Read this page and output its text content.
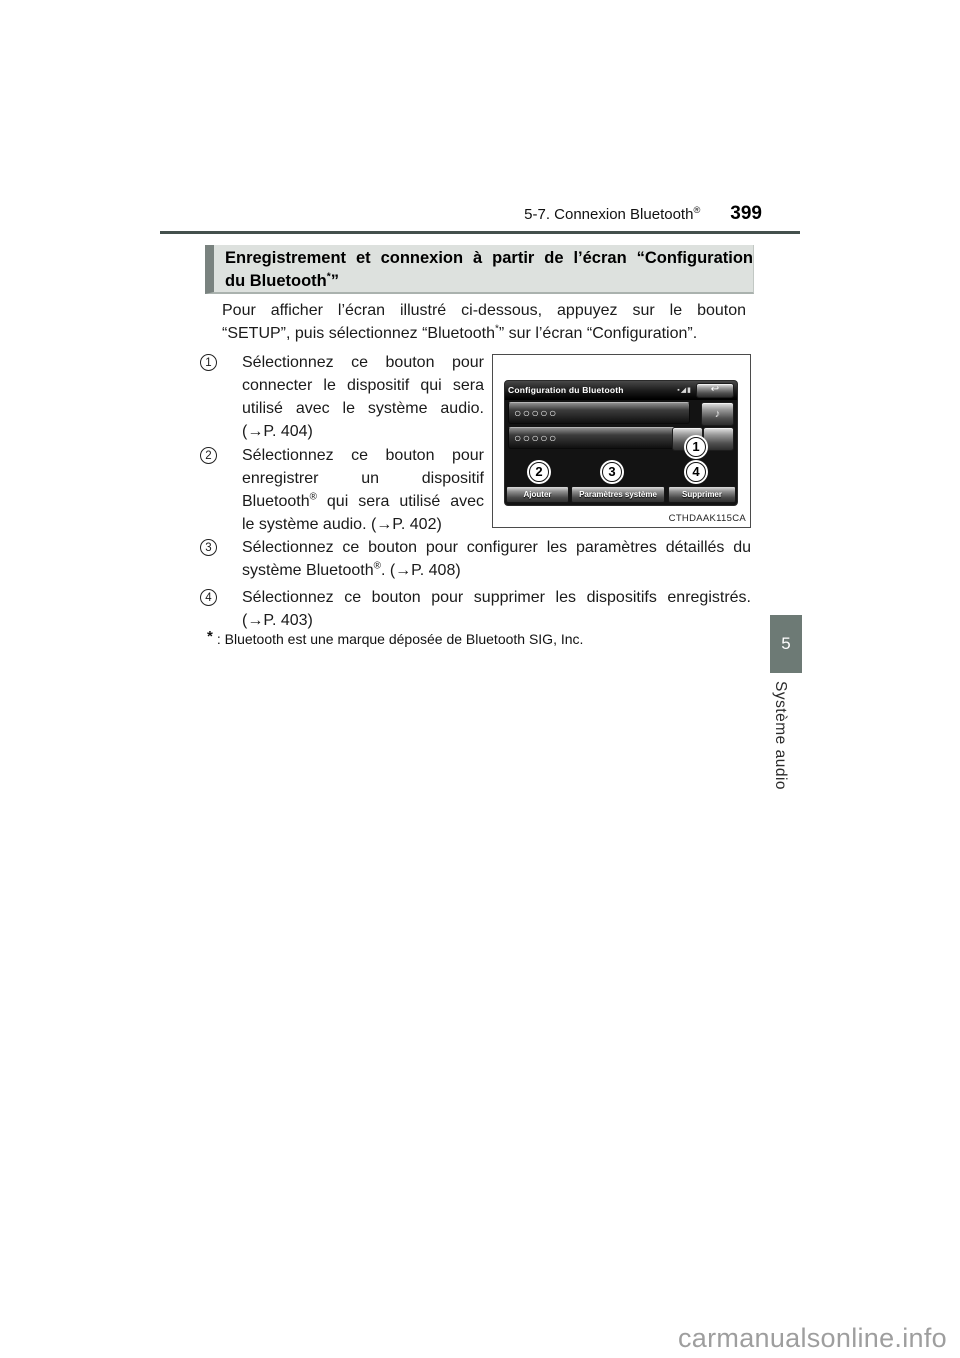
5-7. Connexion Bluetooth® 399
Enregistrement et connexion à partir de l’écran “Configuration
du Bluetooth*”
Pour afficher l’écran illustré ci-dessous, appuyez sur le bouton
“SETUP”, puis sélectionnez “Bluetooth*” sur l’écran “Configuration”.
1	Sélectionnez ce bouton pour
connecter le dispositif qui sera
utilisé avec le système audio.
(→P. 404)
2	Sélectionnez ce bouton pour
enregistrer un dispositif
Bluetooth® qui sera utilisé avec
le système audio. (→P. 402)
3	Sélectionnez ce bouton pour configurer les paramètres détaillés du
système Bluetooth®. (→P. 408)
4	Sélectionnez ce bouton pour supprimer les dispositifs enregistrés.
(→P. 403)
* : Bluetooth est une marque déposée de Bluetooth SIG, Inc.
Configuration du Bluetooth	▪◢▮ ↩
○○○○○	♪
○○○○○
1
2	3	4
Ajouter	Paramètres système	Supprimer
CTHDAAK115CA
5
Système audio
carmanualsonline.info
